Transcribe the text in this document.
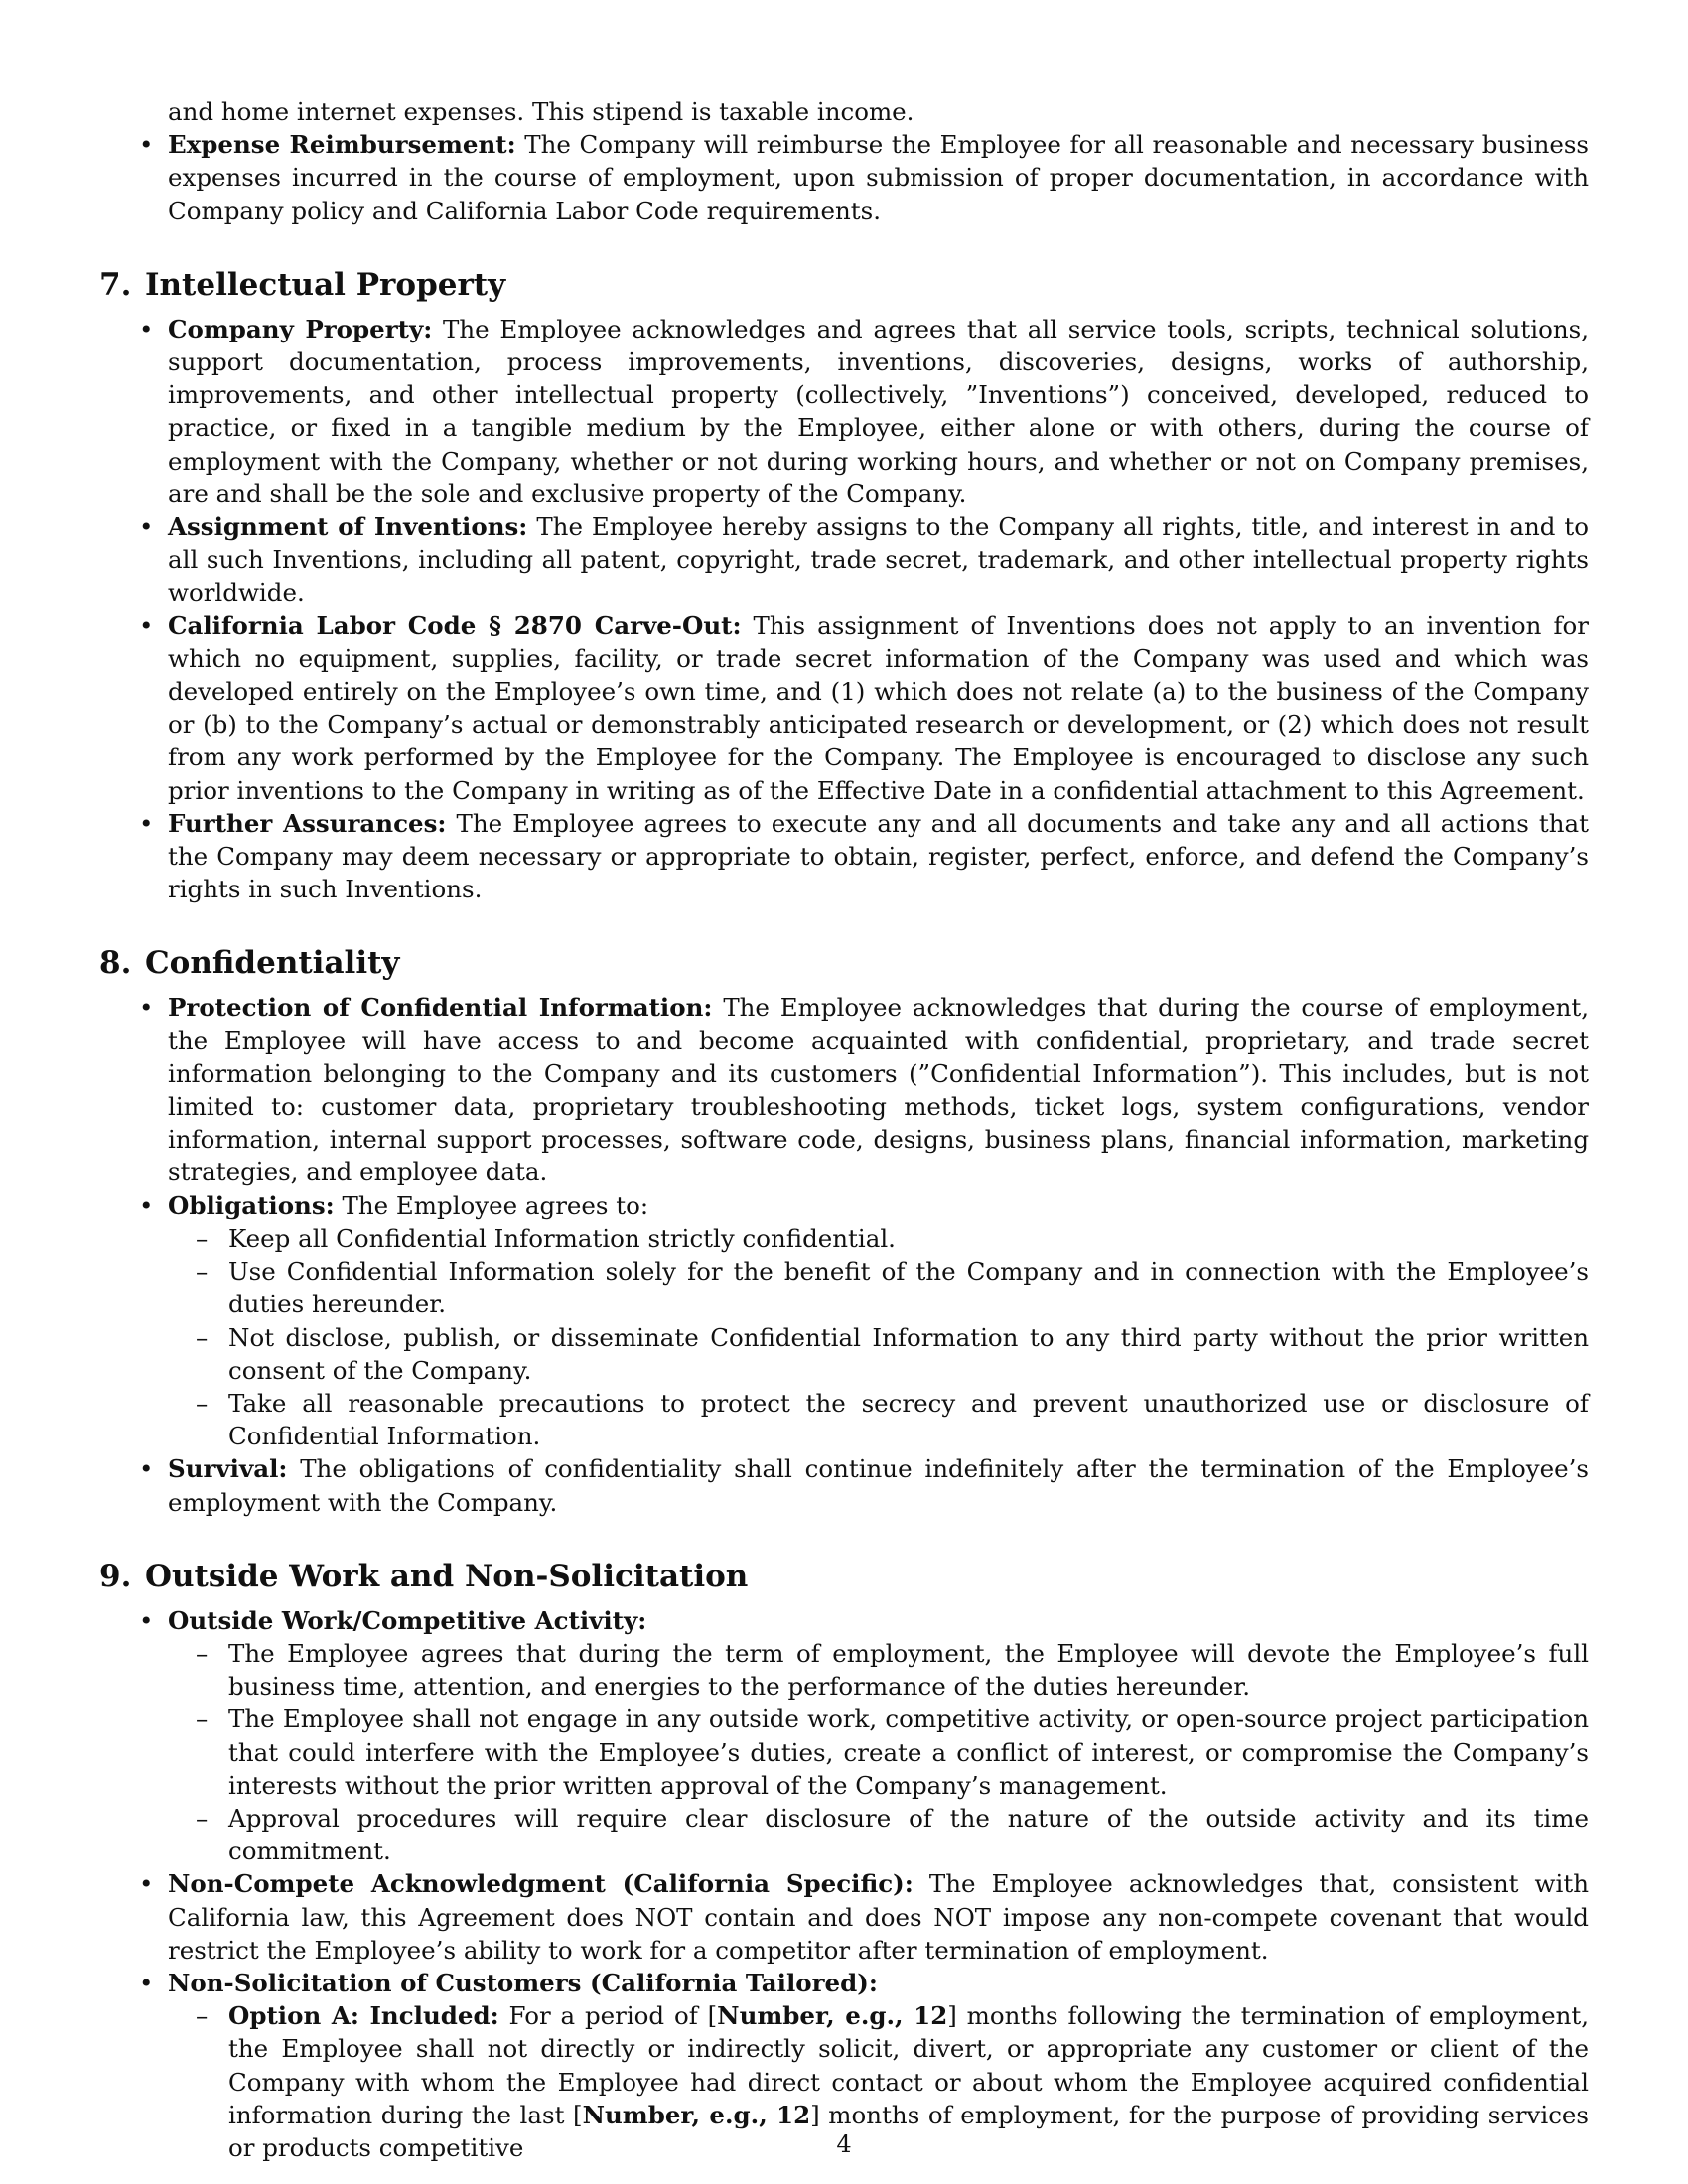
and home internet expenses. This stipend is taxable income.
• Expense Reimbursement: The Company will reimburse the Employee for all reasonable and necessary business expenses incurred in the course of employment, upon submission of proper documentation, in accordance with Company policy and California Labor Code requirements.
7. Intellectual Property
• Company Property: The Employee acknowledges and agrees that all service tools, scripts, technical solutions, support documentation, process improvements, inventions, discoveries, designs, works of authorship, improvements, and other intellectual property (collectively, ”Inventions”) conceived, developed, reduced to practice, or fixed in a tangible medium by the Employee, either alone or with others, during the course of employment with the Company, whether or not during working hours, and whether or not on Company premises, are and shall be the sole and exclusive property of the Company.
• Assignment of Inventions: The Employee hereby assigns to the Company all rights, title, and interest in and to all such Inventions, including all patent, copyright, trade secret, trademark, and other intellectual property rights worldwide.
• California Labor Code § 2870 Carve-Out: This assignment of Inventions does not apply to an invention for which no equipment, supplies, facility, or trade secret information of the Company was used and which was developed entirely on the Employee’s own time, and (1) which does not relate (a) to the business of the Company or (b) to the Company’s actual or demonstrably anticipated research or development, or (2) which does not result from any work performed by the Employee for the Company. The Employee is encouraged to disclose any such prior inventions to the Company in writing as of the Effective Date in a confidential attachment to this Agreement.
• Further Assurances: The Employee agrees to execute any and all documents and take any and all actions that the Company may deem necessary or appropriate to obtain, register, perfect, enforce, and defend the Company’s rights in such Inventions.
8. Confidentiality
• Protection of Confidential Information: The Employee acknowledges that during the course of employment, the Employee will have access to and become acquainted with confidential, proprietary, and trade secret information belonging to the Company and its customers (”Confidential Information”). This includes, but is not limited to: customer data, proprietary troubleshooting methods, ticket logs, system configurations, vendor information, internal support processes, software code, designs, business plans, financial information, marketing strategies, and employee data.
• Obligations: The Employee agrees to:
– Keep all Confidential Information strictly confidential.
– Use Confidential Information solely for the benefit of the Company and in connection with the Employee’s duties hereunder.
– Not disclose, publish, or disseminate Confidential Information to any third party without the prior written consent of the Company.
– Take all reasonable precautions to protect the secrecy and prevent unauthorized use or disclosure of Confidential Information.
• Survival: The obligations of confidentiality shall continue indefinitely after the termination of the Employee’s employment with the Company.
9. Outside Work and Non-Solicitation
• Outside Work/Competitive Activity:
– The Employee agrees that during the term of employment, the Employee will devote the Employee’s full business time, attention, and energies to the performance of the duties hereunder.
– The Employee shall not engage in any outside work, competitive activity, or open-source project participation that could interfere with the Employee’s duties, create a conflict of interest, or compromise the Company’s interests without the prior written approval of the Company’s management.
– Approval procedures will require clear disclosure of the nature of the outside activity and its time commitment.
• Non-Compete Acknowledgment (California Specific): The Employee acknowledges that, consistent with California law, this Agreement does NOT contain and does NOT impose any non-compete covenant that would restrict the Employee’s ability to work for a competitor after termination of employment.
• Non-Solicitation of Customers (California Tailored):
– Option A: Included: For a period of [Number, e.g., 12] months following the termination of employment, the Employee shall not directly or indirectly solicit, divert, or appropriate any customer or client of the Company with whom the Employee had direct contact or about whom the Employee acquired confidential information during the last [Number, e.g., 12] months of employment, for the purpose of providing services or products competitive	4
